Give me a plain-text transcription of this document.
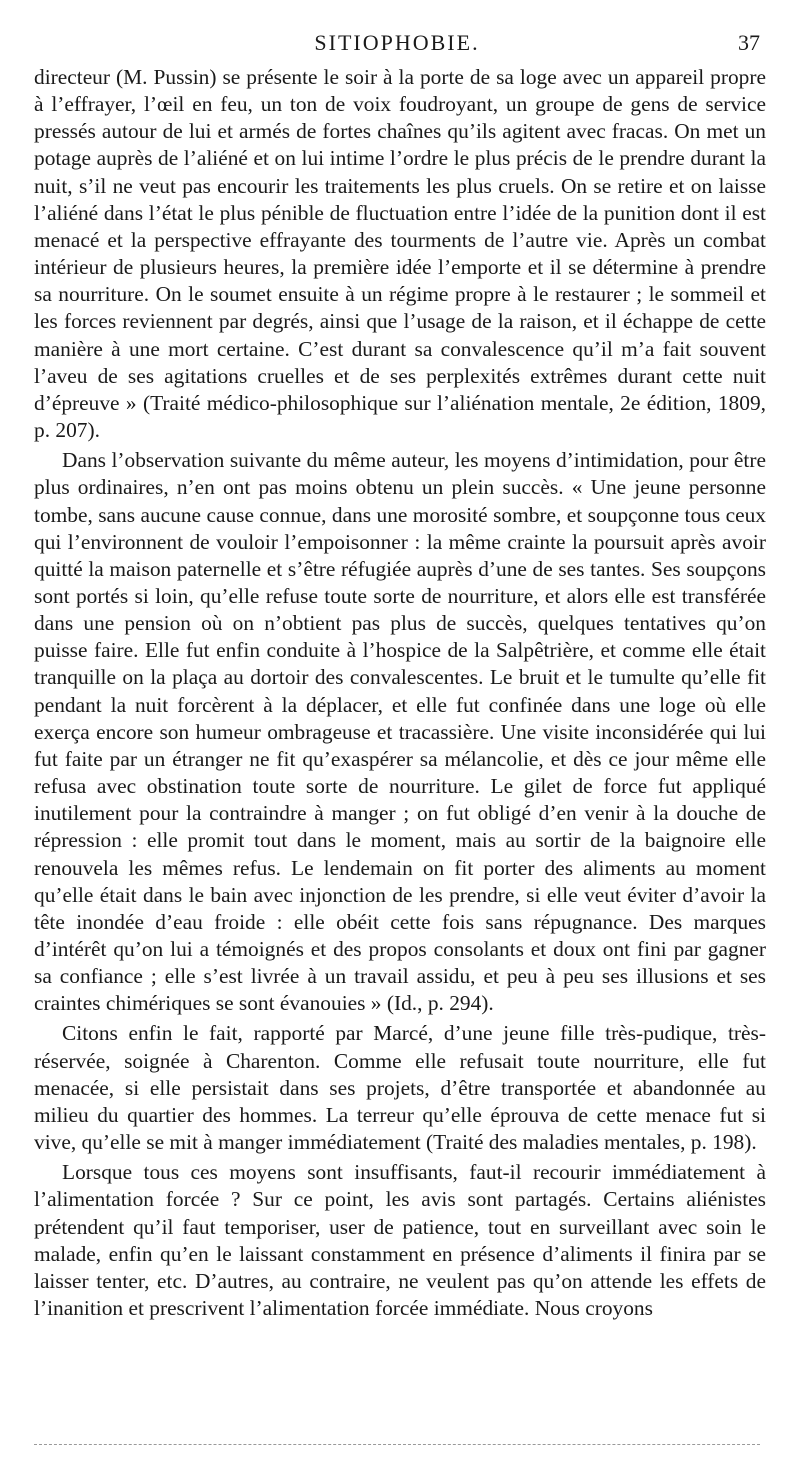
SITIOPHOBIE.	37

directeur (M. Pussin) se présente le soir à la porte de sa loge avec un appareil propre à l’effrayer, l’œil en feu, un ton de voix foudroyant, un groupe de gens de service pressés autour de lui et armés de fortes chaînes qu’ils agitent avec fracas. On met un potage auprès de l’aliéné et on lui intime l’ordre le plus précis de le prendre durant la nuit, s’il ne veut pas encourir les traitements les plus cruels. On se retire et on laisse l’aliéné dans l’état le plus pénible de fluctuation entre l’idée de la punition dont il est menacé et la perspective effrayante des tourments de l’autre vie. Après un combat intérieur de plusieurs heures, la première idée l’emporte et il se détermine à prendre sa nourriture. On le soumet ensuite à un régime propre à le restaurer ; le sommeil et les forces reviennent par degrés, ainsi que l’usage de la raison, et il échappe de cette manière à une mort certaine. C’est durant sa convalescence qu’il m’a fait souvent l’aveu de ses agitations cruelles et de ses perplexités extrêmes durant cette nuit d’épreuve » (Traité médico-philosophique sur l’aliénation mentale, 2e édition, 1809, p. 207).

Dans l’observation suivante du même auteur, les moyens d’intimidation, pour être plus ordinaires, n’en ont pas moins obtenu un plein succès. « Une jeune personne tombe, sans aucune cause connue, dans une morosité sombre, et soupçonne tous ceux qui l’environnent de vouloir l’empoisonner : la même crainte la poursuit après avoir quitté la maison paternelle et s’être réfugiée auprès d’une de ses tantes. Ses soupçons sont portés si loin, qu’elle refuse toute sorte de nourriture, et alors elle est transférée dans une pension où on n’obtient pas plus de succès, quelques tentatives qu’on puisse faire. Elle fut enfin conduite à l’hospice de la Salpêtrière, et comme elle était tranquille on la plaça au dortoir des convalescentes. Le bruit et le tumulte qu’elle fit pendant la nuit forcèrent à la déplacer, et elle fut confinée dans une loge où elle exerça encore son humeur ombrageuse et tracassière. Une visite inconsidérée qui lui fut faite par un étranger ne fit qu’exaspérer sa mélancolie, et dès ce jour même elle refusa avec obstination toute sorte de nourriture. Le gilet de force fut appliqué inutilement pour la contraindre à manger ; on fut obligé d’en venir à la douche de répression : elle promit tout dans le moment, mais au sortir de la baignoire elle renouvela les mêmes refus. Le lendemain on fit porter des aliments au moment qu’elle était dans le bain avec injonction de les prendre, si elle veut éviter d’avoir la tête inondée d’eau froide : elle obéit cette fois sans répugnance. Des marques d’intérêt qu’on lui a témoignés et des propos consolants et doux ont fini par gagner sa confiance ; elle s’est livrée à un travail assidu, et peu à peu ses illusions et ses craintes chimériques se sont évanouies » (Id., p. 294).

Citons enfin le fait, rapporté par Marcé, d’une jeune fille très-pudique, très-réservée, soignée à Charenton. Comme elle refusait toute nourriture, elle fut menacée, si elle persistait dans ses projets, d’être transportée et abandonnée au milieu du quartier des hommes. La terreur qu’elle éprouva de cette menace fut si vive, qu’elle se mit à manger immédiatement (Traité des maladies mentales, p. 198).

Lorsque tous ces moyens sont insuffisants, faut-il recourir immédiatement à l’alimentation forcée ? Sur ce point, les avis sont partagés. Certains aliénistes prétendent qu’il faut temporiser, user de patience, tout en surveillant avec soin le malade, enfin qu’en le laissant constamment en présence d’aliments il finira par se laisser tenter, etc. D’autres, au contraire, ne veulent pas qu’on attende les effets de l’inanition et prescrivent l’alimentation forcée immédiate. Nous croyons
